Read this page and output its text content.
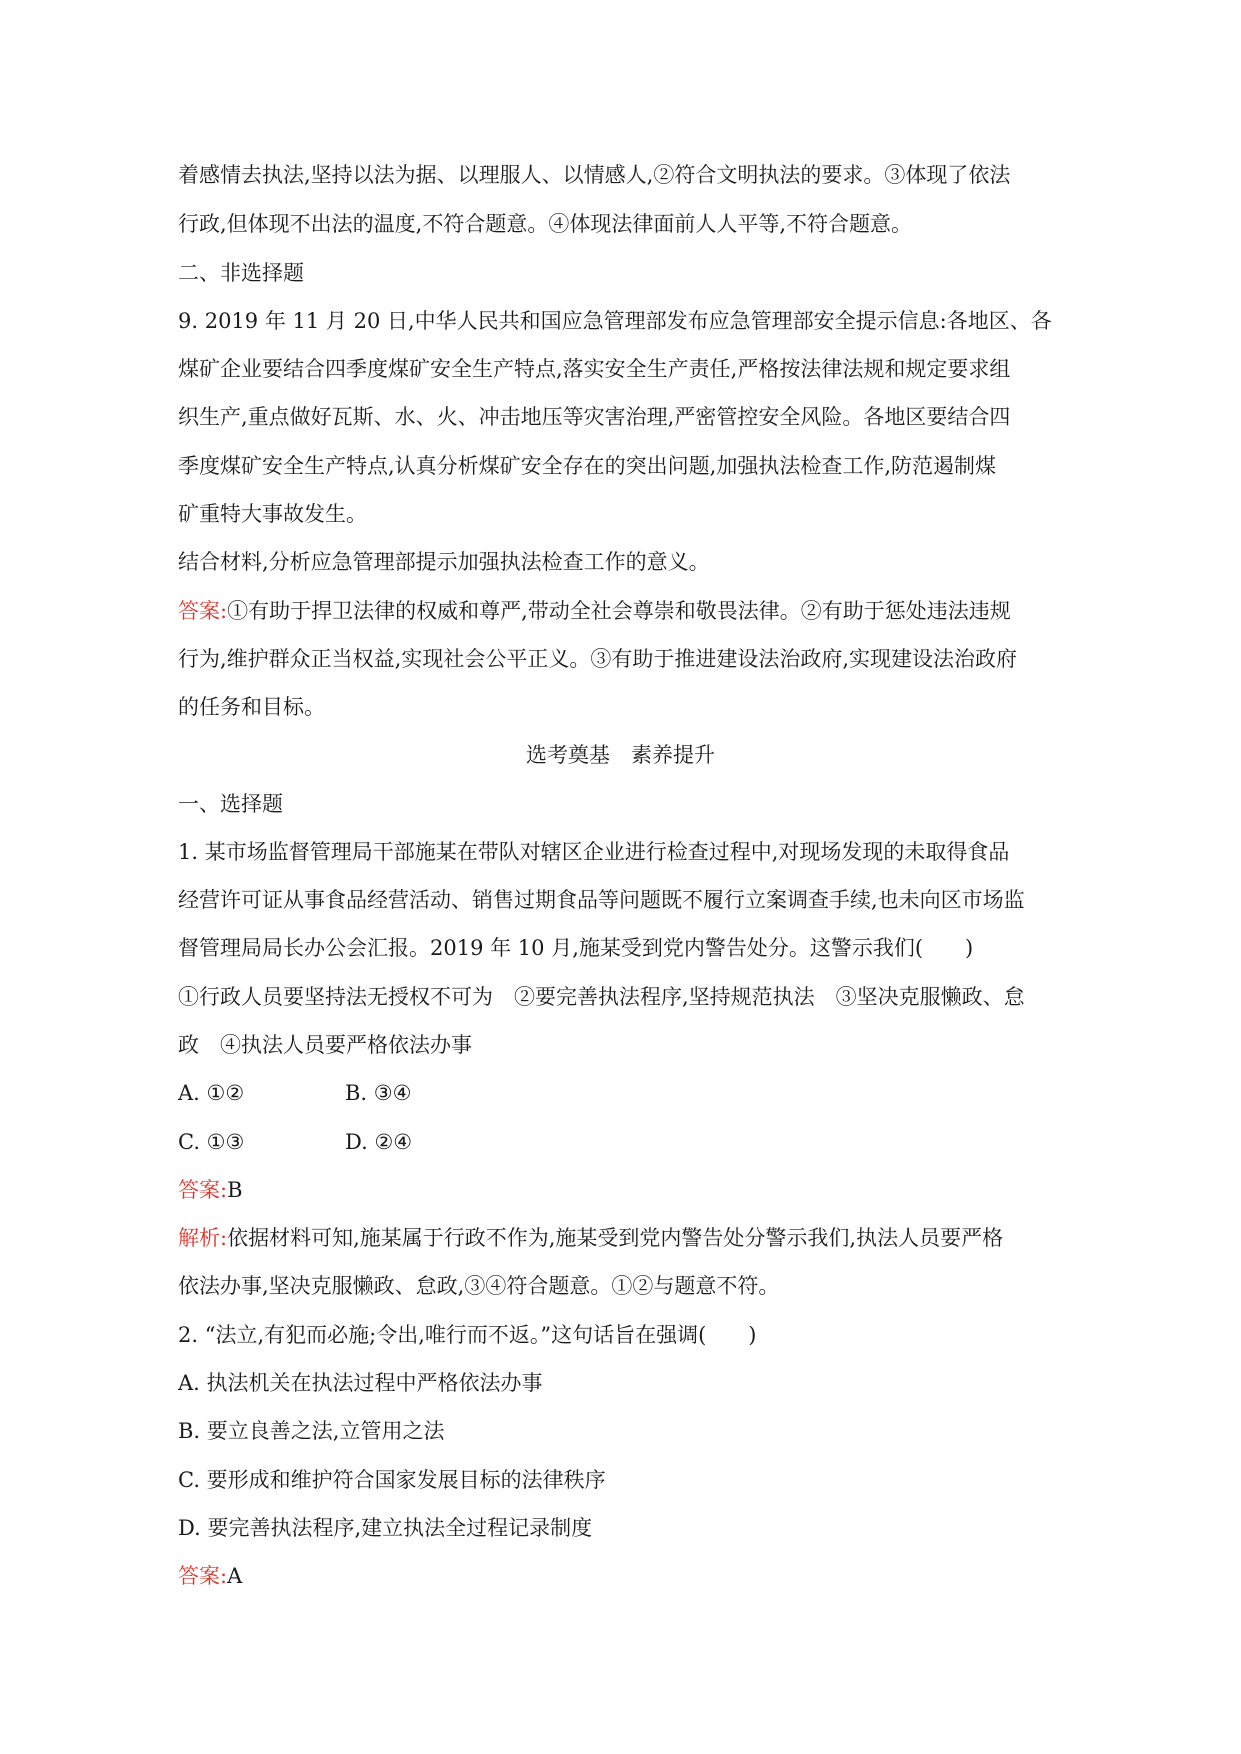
着感情去执法,坚持以法为据、以理服人、以情感人,②符合文明执法的要求。③体现了依法
行政,但体现不出法的温度,不符合题意。④体现法律面前人人平等,不符合题意。
二、非选择题
9. 2019 年 11 月 20 日,中华人民共和国应急管理部发布应急管理部安全提示信息:各地区、各
煤矿企业要结合四季度煤矿安全生产特点,落实安全生产责任,严格按法律法规和规定要求组
织生产,重点做好瓦斯、水、火、冲击地压等灾害治理,严密管控安全风险。各地区要结合四
季度煤矿安全生产特点,认真分析煤矿安全存在的突出问题,加强执法检查工作,防范遏制煤
矿重特大事故发生。
结合材料,分析应急管理部提示加强执法检查工作的意义。
答案:①有助于捍卫法律的权威和尊严,带动全社会尊崇和敬畏法律。②有助于惩处违法违规
行为,维护群众正当权益,实现社会公平正义。③有助于推进建设法治政府,实现建设法治政府
的任务和目标。
选考奠基　素养提升
一、选择题
1. 某市场监督管理局干部施某在带队对辖区企业进行检查过程中,对现场发现的未取得食品
经营许可证从事食品经营活动、销售过期食品等问题既不履行立案调查手续,也未向区市场监
督管理局局长办公会汇报。2019 年 10 月,施某受到党内警告处分。这警示我们(　　)
①行政人员要坚持法无授权不可为　②要完善执法程序,坚持规范执法　③坚决克服懒政、怠
政　④执法人员要严格依法办事
A. ①②	B. ③④
C. ①③	D. ②④
答案:B
解析:依据材料可知,施某属于行政不作为,施某受到党内警告处分警示我们,执法人员要严格
依法办事,坚决克服懒政、怠政,③④符合题意。①②与题意不符。
2. “法立,有犯而必施;令出,唯行而不返。”这句话旨在强调(　　)
A. 执法机关在执法过程中严格依法办事
B. 要立良善之法,立管用之法
C. 要形成和维护符合国家发展目标的法律秩序
D. 要完善执法程序,建立执法全过程记录制度
答案:A
